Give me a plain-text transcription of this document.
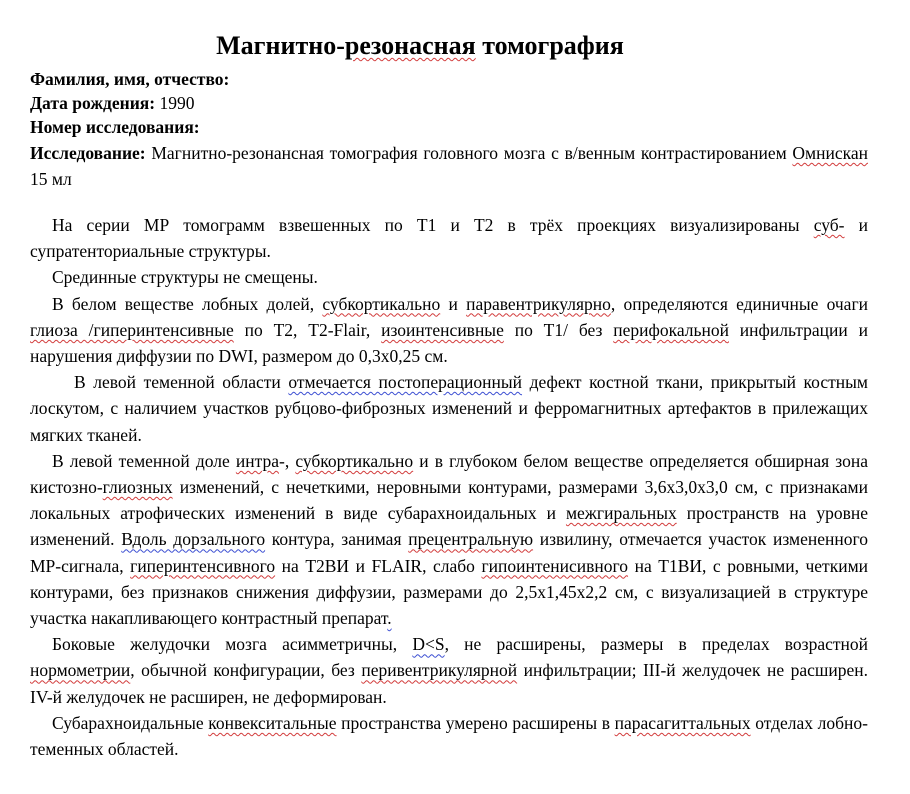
Магнитно-резонасная томография
Фамилия, имя, отчество:
Дата рождения: 1990
Номер исследования:
Исследование: Магнитно-резонансная томография головного мозга с в/венным контрастированием Омнискан 15 мл

На серии МР томограмм взвешенных по Т1 и Т2 в трёх проекциях визуализированы суб- и супратенториальные структуры.

Срединные структуры не смещены.

В белом веществе лобных долей, субкортикально и паравентрикулярно, определяются единичные очаги глиоза /гиперинтенсивные по Т2, Т2-Flair, изоинтенсивные по Т1/ без перифокальной инфильтрации и нарушения диффузии по DWI, размером до 0,3х0,25 см.

В левой теменной области отмечается постоперационный дефект костной ткани, прикрытый костным лоскутом, с наличием участков рубцово-фиброзных изменений и ферромагнитных артефактов в прилежащих мягких тканей.

В левой теменной доле интра-, субкортикально и в глубоком белом веществе определяется обширная зона кистозно-глиозных изменений, с нечеткими, неровными контурами, размерами 3,6х3,0х3,0 см, с признаками локальных атрофических изменений в виде субарахноидальных и межгиральных пространств на уровне изменений. Вдоль дорзального контура, занимая прецентральную извилину, отмечается участок измененного МР-сигнала, гиперинтенсивного на Т2ВИ и FLAIR, слабо гипоинтенисивного на Т1ВИ, с ровными, четкими контурами, без признаков снижения диффузии, размерами до 2,5х1,45х2,2 см, с визуализацией в структуре участка накапливающего контрастный препарат.

Боковые желудочки мозга асимметричны, D<S, не расширены, размеры в пределах возрастной нормометрии, обычной конфигурации, без перивентрикулярной инфильтрации; III-й желудочек не расширен. IV-й желудочек не расширен, не деформирован.

Субарахноидальные конвекситальные пространства умерено расширены в парасагиттальных отделах лобно-теменных областей.
